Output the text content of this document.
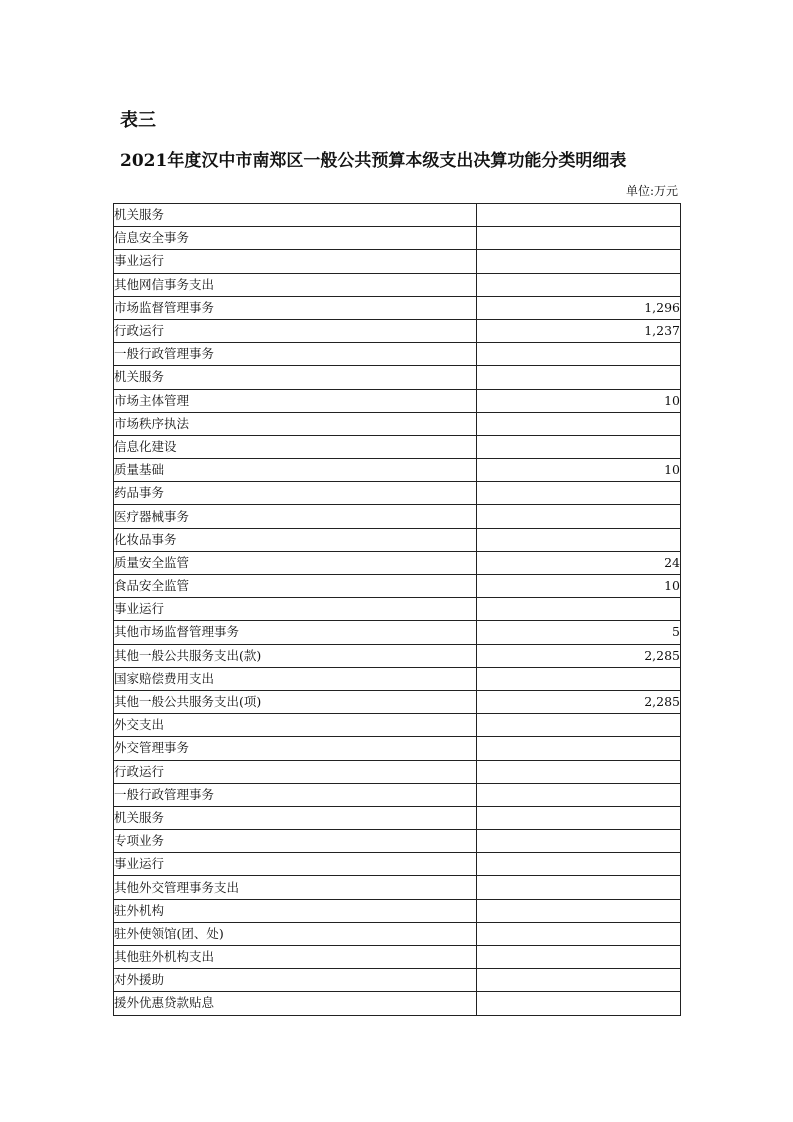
表三
2021年度汉中市南郑区一般公共预算本级支出决算功能分类明细表
单位:万元
机关服务	
信息安全事务	
事业运行	
其他网信事务支出	
市场监督管理事务	1,296
行政运行	1,237
一般行政管理事务	
机关服务	
市场主体管理	10
市场秩序执法	
信息化建设	
质量基础	10
药品事务	
医疗器械事务	
化妆品事务	
质量安全监管	24
食品安全监管	10
事业运行	
其他市场监督管理事务	5
其他一般公共服务支出(款)	2,285
国家赔偿费用支出	
其他一般公共服务支出(项)	2,285
外交支出	
外交管理事务	
行政运行	
一般行政管理事务	
机关服务	
专项业务	
事业运行	
其他外交管理事务支出	
驻外机构	
驻外使领馆(团、处)	
其他驻外机构支出	
对外援助	
援外优惠贷款贴息	
